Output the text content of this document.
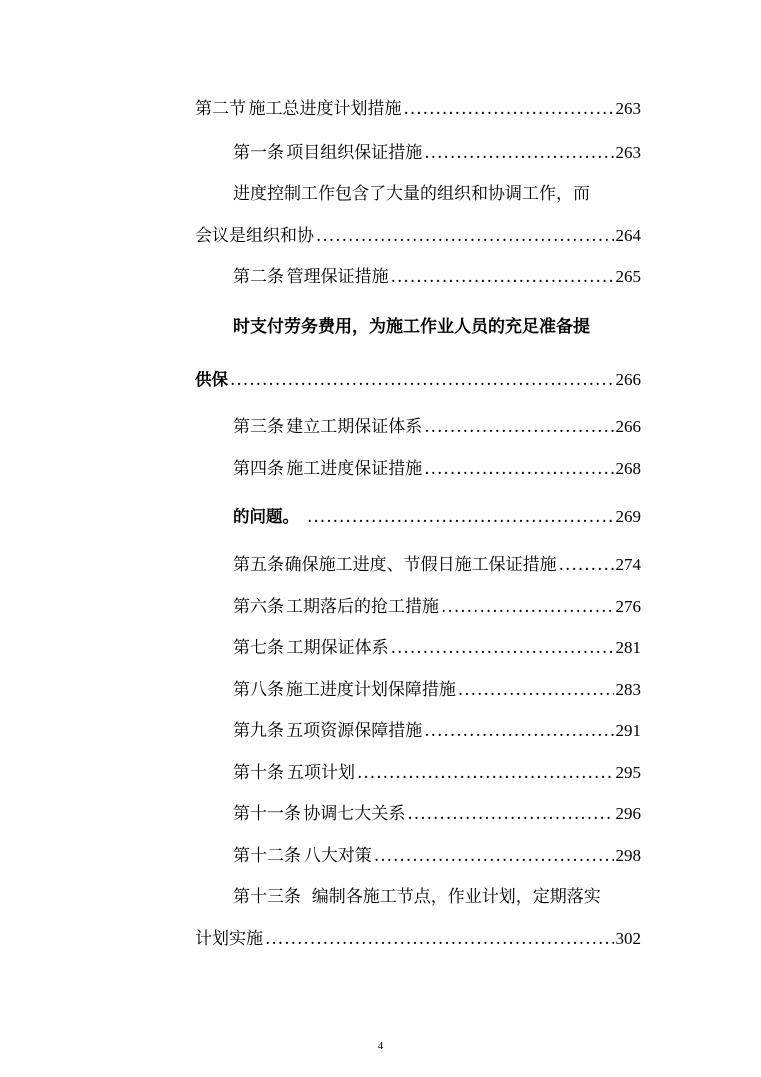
第二节 施工总进度计划措施 .....	263
第一条 项目组织保证措施 .....	263
进度控制工作包含了大量的组织和协调工作，而
会议是组织和协 .....	264
第二条 管理保证措施 .....	265
时支付劳务费用，为施工作业人员的充足准备提
供保 .....	266
第三条 建立工期保证体系 .....	266
第四条 施工进度保证措施 .....	268
的问题。 .....	269
第五条 确保施工进度、节假日施工保证措施 .....	274
第六条 工期落后的抢工措施 .....	276
第七条 工期保证体系 .....	281
第八条 施工进度计划保障措施 .....	283
第九条 五项资源保障措施 .....	291
第十条 五项计划 .....	295
第十一条 协调七大关系 .....	296
第十二条 八大对策 .....	298
第十三条  编制各施工节点，作业计划，定期落实
计划实施 .....	302
4
